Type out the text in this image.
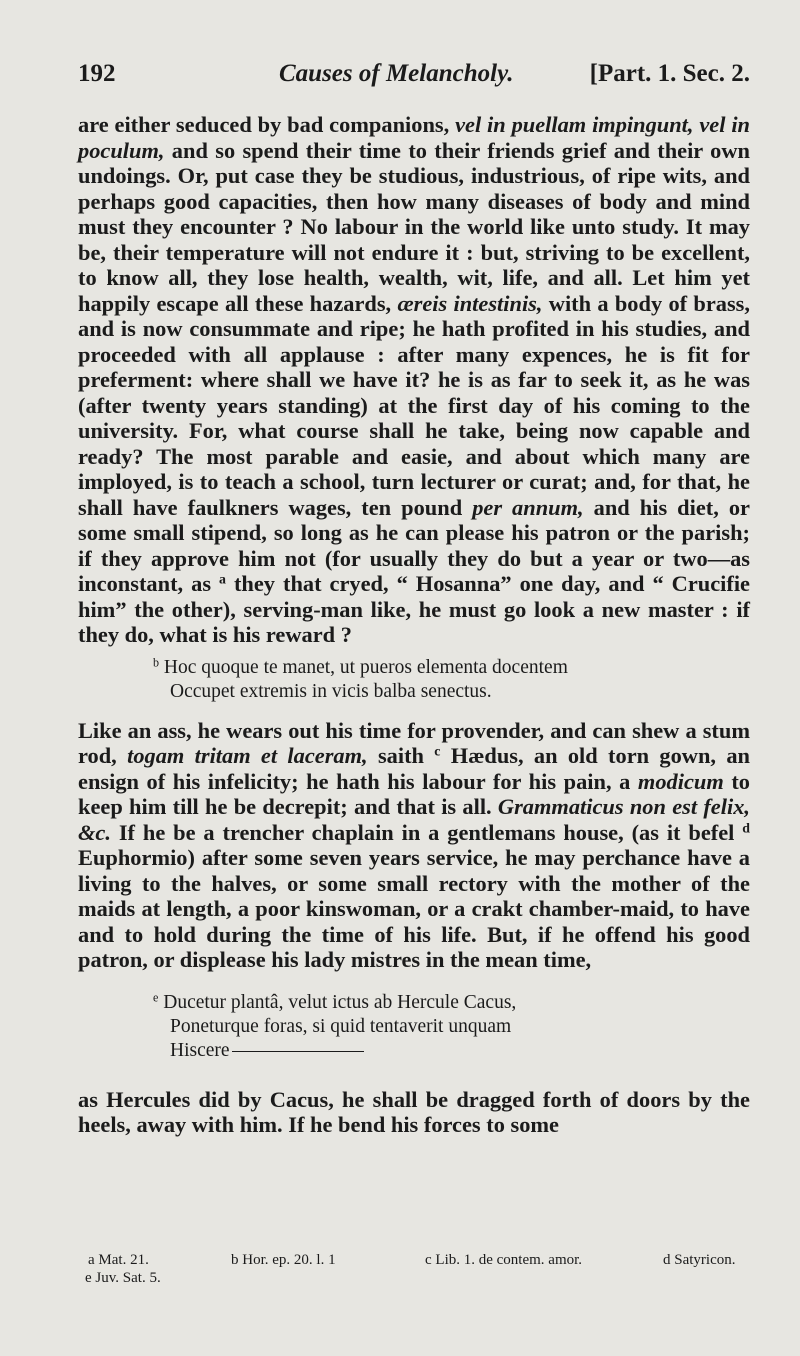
192	Causes of Melancholy.	[Part. 1. Sec. 2.

are either seduced by bad companions, vel in puellam impingunt, vel in poculum, and so spend their time to their friends grief and their own undoings. Or, put case they be studious, industrious, of ripe wits, and perhaps good capacities, then how many diseases of body and mind must they encounter ? No labour in the world like unto study. It may be, their temperature will not endure it : but, striving to be excellent, to know all, they lose health, wealth, wit, life, and all. Let him yet happily escape all these hazards, æreis intestinis, with a body of brass, and is now consummate and ripe; he hath profited in his studies, and proceeded with all applause : after many expences, he is fit for preferment: where shall we have it? he is as far to seek it, as he was (after twenty years standing) at the first day of his coming to the university. For, what course shall he take, being now capable and ready? The most parable and easie, and about which many are imployed, is to teach a school, turn lecturer or curat; and, for that, he shall have faulkners wages, ten pound per annum, and his diet, or some small stipend, so long as he can please his patron or the parish; if they approve him not (for usually they do but a year or two—as inconstant, as $^a$ they that cryed, “ Hosanna” one day, and “ Crucifie him” the other), serving-man like, he must go look a new master : if they do, what is his reward ?

$^b$ Hoc quoque te manet, ut pueros elementa docentem
Occupet extremis in vicis balba senectus.

Like an ass, he wears out his time for provender, and can shew a stum rod, togam tritam et laceram, saith $^c$ Hædus, an old torn gown, an ensign of his infelicity; he hath his labour for his pain, a modicum to keep him till he be decrepit; and that is all. Grammaticus non est felix, &c. If he be a trencher chaplain in a gentlemans house, (as it befel $^d$ Euphormio) after some seven years service, he may perchance have a living to the halves, or some small rectory with the mother of the maids at length, a poor kinswoman, or a crakt chamber-maid, to have and to hold during the time of his life. But, if he offend his good patron, or displease his lady mistres in the mean time,

$^e$ Ducetur plantâ, velut ictus ab Hercule Cacus,
Poneturque foras, si quid tentaverit unquam
Hiscere

as Hercules did by Cacus, he shall be dragged forth of doors by the heels, away with him. If he bend his forces to some

a Mat. 21.	b Hor. ep. 20. l. 1	c Lib. 1. de contem. amor.	d Satyricon.
e Juv. Sat. 5.
